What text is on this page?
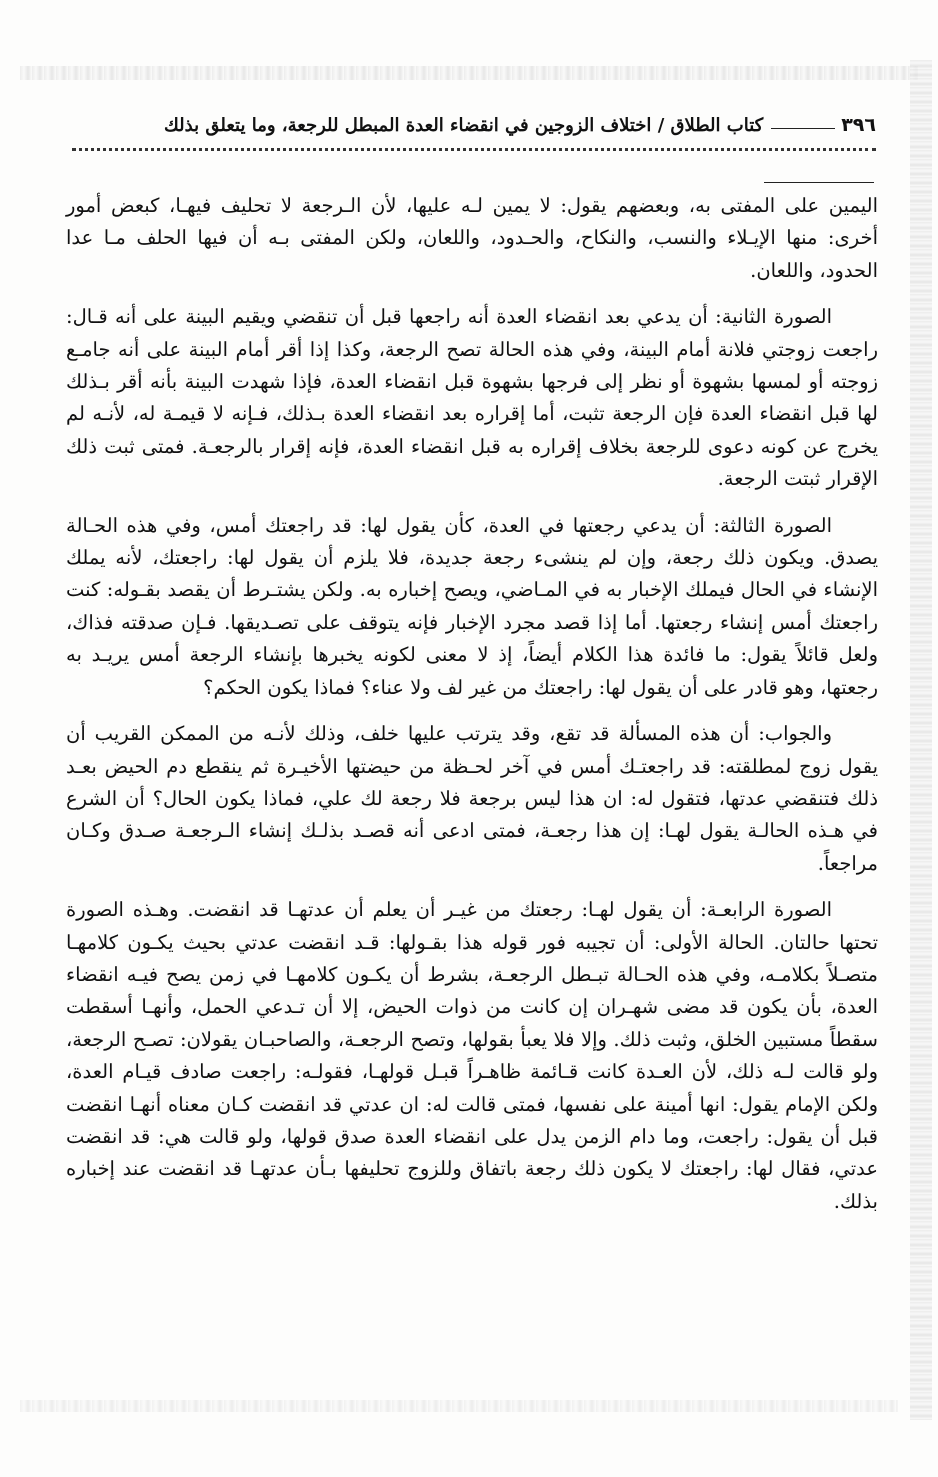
٣٩٦
كتاب الطلاق / اختلاف الزوجين في انقضاء العدة المبطل للرجعة، وما يتعلق بذلك

اليمين على المفتى به، وبعضهم يقول: لا يمين لـه عليها، لأن الـرجعة لا تحليف فيهـا، كبعض أمور أخرى: منها الإيـلاء والنسب، والنكاح، والحـدود، واللعان، ولكن المفتى بـه أن فيها الحلف مـا عدا الحدود، واللعان.

الصورة الثانية: أن يدعي بعد انقضاء العدة أنه راجعها قبل أن تنقضي ويقيم البينة على أنه قـال: راجعت زوجتي فلانة أمام البينة، وفي هذه الحالة تصح الرجعة، وكذا إذا أقر أمام البينة على أنه جامـع زوجته أو لمسها بشهوة أو نظر إلى فرجها بشهوة قبل انقضاء العدة، فإذا شهدت البينة بأنه أقر بـذلك لها قبل انقضاء العدة فإن الرجعة تثبت، أما إقراره بعد انقضاء العدة بـذلك، فـإنه لا قيمـة له، لأنـه لم يخرج عن كونه دعوى للرجعة بخلاف إقراره به قبل انقضاء العدة، فإنه إقرار بالرجعـة. فمتى ثبت ذلك الإقرار ثبتت الرجعة.

الصورة الثالثة: أن يدعي رجعتها في العدة، كأن يقول لها: قد راجعتك أمس، وفي هذه الحـالة يصدق. ويكون ذلك رجعة، وإن لم ينشىء رجعة جديدة، فلا يلزم أن يقول لها: راجعتك، لأنه يملك الإنشاء في الحال فيملك الإخبار به في المـاضي، ويصح إخباره به. ولكن يشتـرط أن يقصد بقـوله: كنت راجعتك أمس إنشاء رجعتها. أما إذا قصد مجرد الإخبار فإنه يتوقف على تصـديقها. فـإن صدقته فذاك، ولعل قائلاً يقول: ما فائدة هذا الكلام أيضاً، إذ لا معنى لكونه يخبرها بإنشاء الرجعة أمس يريـد به رجعتها، وهو قادر على أن يقول لها: راجعتك من غير لف ولا عناء؟ فماذا يكون الحكم؟

والجواب: أن هذه المسألة قد تقع، وقد يترتب عليها خلف، وذلك لأنـه من الممكن القريب أن يقول زوج لمطلقته: قد راجعتـك أمس في آخر لحـظة من حيضتها الأخيـرة ثم ينقطع دم الحيض بعـد ذلك فتنقضي عدتها، فتقول له: ان هذا ليس برجعة فلا رجعة لك علي، فماذا يكون الحال؟ أن الشرع في هـذه الحالـة يقول لهـا: إن هذا رجعـة، فمتى ادعى أنه قصـد بذلـك إنشاء الـرجعـة صـدق وكـان مراجعاً.

الصورة الرابعـة: أن يقول لهـا: رجعتك من غيـر أن يعلم أن عدتهـا قد انقضت. وهـذه الصورة تحتها حالتان. الحالة الأولى: أن تجيبه فور قوله هذا بقـولها: قـد انقضت عدتي بحيث يكـون كلامهـا متصـلاً بكلامـه، وفي هذه الحـالة تبـطل الرجعـة، بشرط أن يكـون كلامهـا في زمن يصح فيـه انقضاء العدة، بأن يكون قد مضى شهـران إن كانت من ذوات الحيض، إلا أن تـدعي الحمل، وأنهـا أسقطت سقطاً مستبين الخلق، وثبت ذلك. وإلا فلا يعبأ بقولها، وتصح الرجعـة، والصاحبـان يقولان: تصـح الرجعة، ولو قالت لـه ذلك، لأن العـدة كانت قـائمة ظاهـراً قبـل قولهـا، فقولـه: راجعت صادف قيـام العدة، ولكن الإمام يقول: انها أمينة على نفسها، فمتى قالت له: ان عدتي قد انقضت كـان معناه أنهـا انقضت قبل أن يقول: راجعت، وما دام الزمن يدل على انقضاء العدة صدق قولها، ولو قالت هي: قد انقضت عدتي، فقال لها: راجعتك لا يكون ذلك رجعة باتفاق وللزوج تحليفها بـأن عدتهـا قد انقضت عند إخباره بذلك.
